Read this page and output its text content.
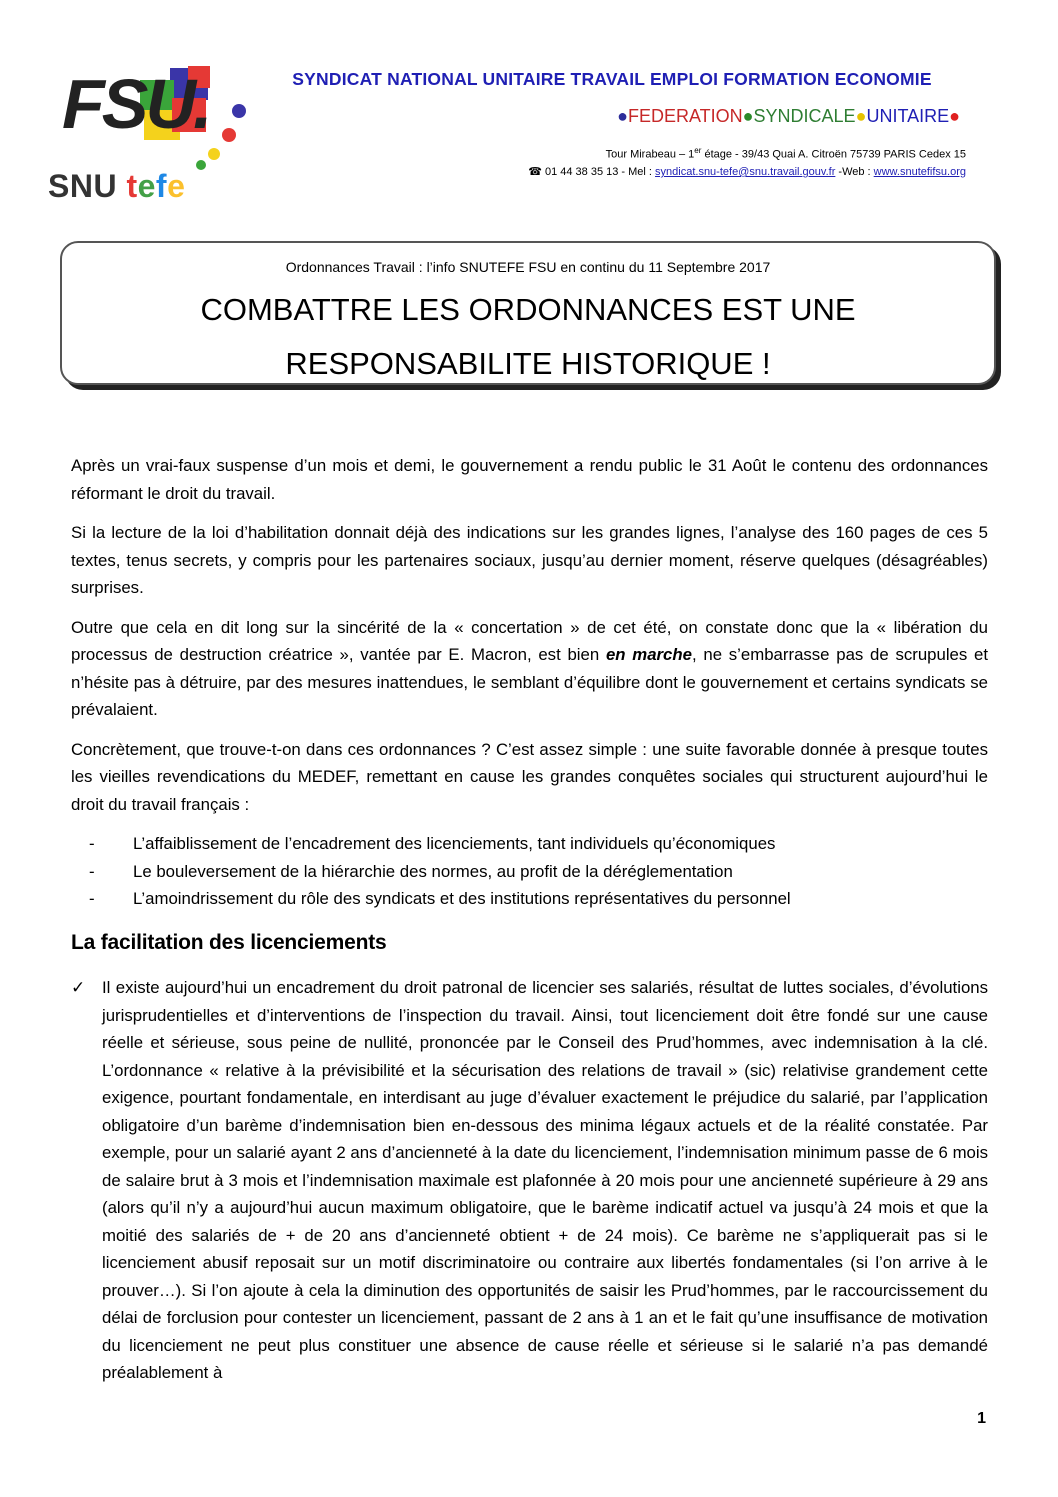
FSU.
SNU tefe
SYNDICAT NATIONAL UNITAIRE TRAVAIL EMPLOI FORMATION ECONOMIE
●FEDERATION●SYNDICALE●UNITAIRE●
Tour Mirabeau – 1er étage - 39/43 Quai A. Citroën 75739 PARIS Cedex 15
☎ 01 44 38 35 13 - Mel : syndicat.snu-tefe@snu.travail.gouv.fr -Web : www.snutefifsu.org
Ordonnances Travail : l’info SNUTEFE FSU en continu du 11 Septembre 2017
COMBATTRE LES ORDONNANCES EST UNE RESPONSABILITE HISTORIQUE !

Après un vrai-faux suspense d’un mois et demi, le gouvernement a rendu public le 31 Août le contenu des ordonnances réformant le droit du travail.

Si la lecture de la loi d’habilitation donnait déjà des indications sur les grandes lignes, l’analyse des 160 pages de ces 5 textes, tenus secrets, y compris pour les partenaires sociaux, jusqu’au dernier moment, réserve quelques (désagréables) surprises.

Outre que cela en dit long sur la sincérité de la « concertation » de cet été, on constate donc que la « libération du processus de destruction créatrice », vantée par E. Macron, est bien en marche, ne s’embarrasse pas de scrupules et n’hésite pas à détruire, par des mesures inattendues, le semblant d’équilibre dont le gouvernement et certains syndicats se prévalaient.

Concrètement, que trouve-t-on dans ces ordonnances ? C’est assez simple : une suite favorable donnée à presque toutes les vieilles revendications du MEDEF, remettant en cause les grandes conquêtes sociales qui structurent aujourd’hui le droit du travail français :

- L’affaiblissement de l’encadrement des licenciements, tant individuels qu’économiques
- Le bouleversement de la hiérarchie des normes, au profit de la déréglementation
- L’amoindrissement du rôle des syndicats et des institutions représentatives du personnel
La facilitation des licenciements

✓ Il existe aujourd’hui un encadrement du droit patronal de licencier ses salariés, résultat de luttes sociales, d’évolutions jurisprudentielles et d’interventions de l’inspection du travail. Ainsi, tout licenciement doit être fondé sur une cause réelle et sérieuse, sous peine de nullité, prononcée par le Conseil des Prud’hommes, avec indemnisation à la clé. L’ordonnance « relative à la prévisibilité et la sécurisation des relations de travail » (sic) relativise grandement cette exigence, pourtant fondamentale, en interdisant au juge d’évaluer exactement le préjudice du salarié, par l’application obligatoire d’un barème d’indemnisation bien en-dessous des minima légaux actuels et de la réalité constatée. Par exemple, pour un salarié ayant 2 ans d’ancienneté à la date du licenciement, l’indemnisation minimum passe de 6 mois de salaire brut à 3 mois et l’indemnisation maximale est plafonnée à 20 mois pour une ancienneté supérieure à 29 ans (alors qu’il n’y a aujourd’hui aucun maximum obligatoire, que le barème indicatif actuel va jusqu’à 24 mois et que la moitié des salariés de + de 20 ans d’ancienneté obtient + de 24 mois). Ce barème ne s’appliquerait pas si le licenciement abusif reposait sur un motif discriminatoire ou contraire aux libertés fondamentales (si l’on arrive à le prouver…). Si l’on ajoute à cela la diminution des opportunités de saisir les Prud’hommes, par le raccourcissement du délai de forclusion pour contester un licenciement, passant de 2 ans à 1 an et le fait qu’une insuffisance de motivation du licenciement ne peut plus constituer une absence de cause réelle et sérieuse si le salarié n’a pas demandé préalablement à

1
